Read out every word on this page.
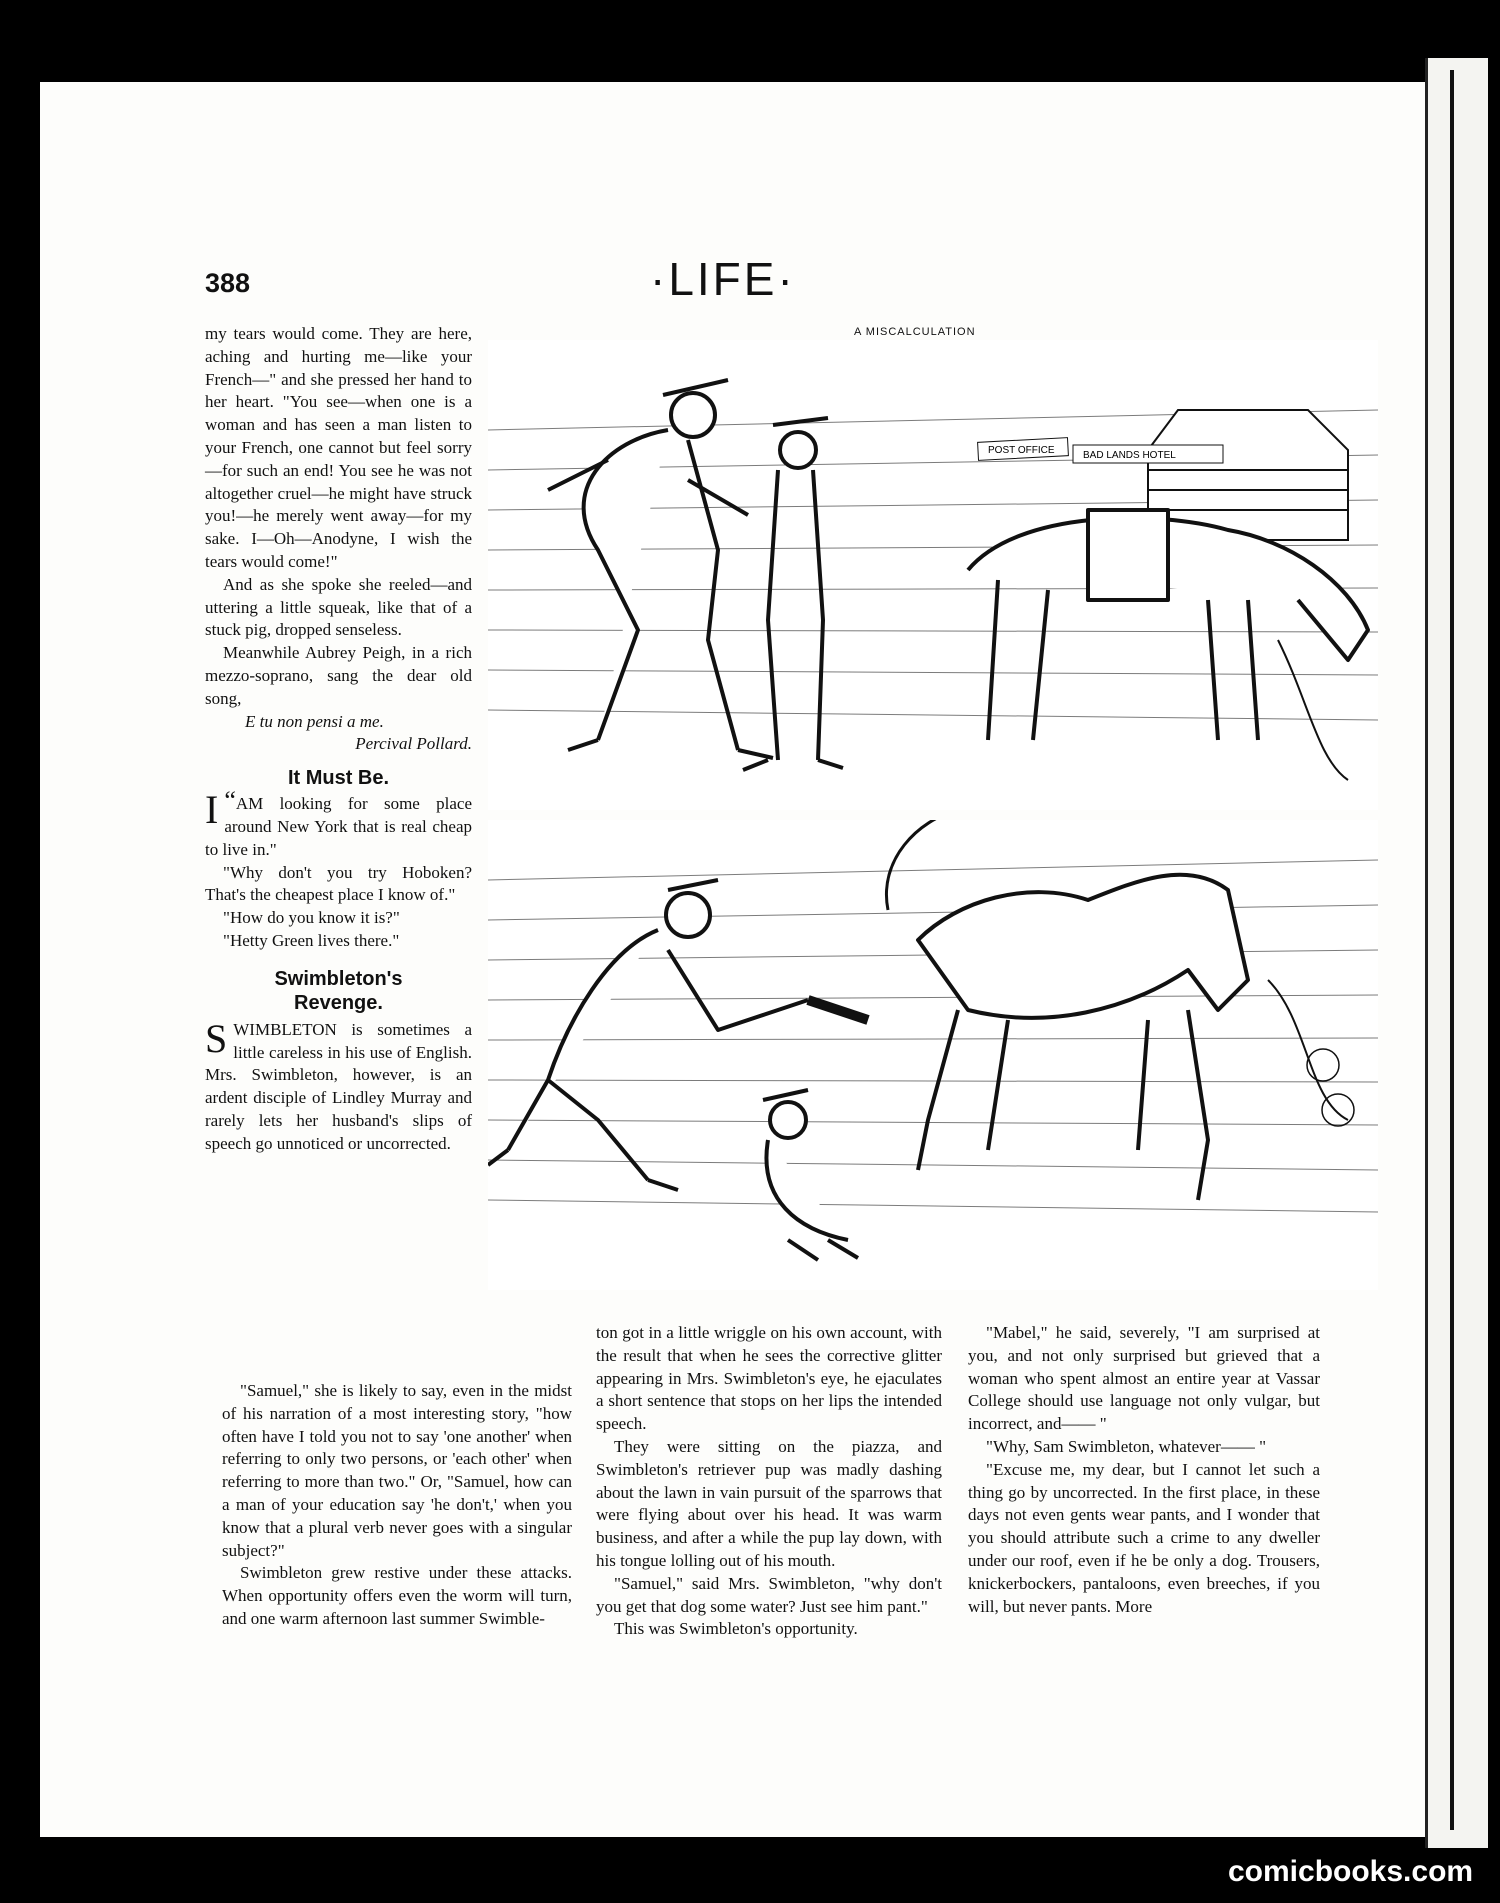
388	·LIFE·
A MISCALCULATION
POST OFFICE	BAD LANDS HOTEL

my tears would come. They are here, aching and hurting me—like your French—" and she pressed her hand to her heart. "You see—when one is a woman and has seen a man listen to your French, one cannot but feel sorry—for such an end! You see he was not altogether cruel—he might have struck you!—he merely went away—for my sake. I—Oh—Anodyne, I wish the tears would come!"

And as she spoke she reeled—and uttering a little squeak, like that of a stuck pig, dropped senseless.

Meanwhile Aubrey Peigh, in a rich mezzo-soprano, sang the dear old song,

E tu non pensi a me.

Percival Pollard.

It Must Be.

“
I AM looking for some place around New York that is real cheap to live in."

"Why don't you try Hoboken? That's the cheapest place I know of."

"How do you know it is?"

"Hetty Green lives there."

Swimbleton's
Revenge.

SWIMBLETON is sometimes a little careless in his use of English. Mrs. Swimbleton, however, is an ardent disciple of Lindley Murray and rarely lets her husband's slips of speech go unnoticed or uncorrected.

"Samuel," she is likely to say, even in the midst of his narration of a most interesting story, "how often have I told you not to say 'one another' when referring to only two persons, or 'each other' when referring to more than two." Or, "Samuel, how can a man of your education say 'he don't,' when you know that a plural verb never goes with a singular subject?"

Swimbleton grew restive under these attacks. When opportunity offers even the worm will turn, and one warm afternoon last summer Swimble-

ton got in a little wriggle on his own account, with the result that when he sees the corrective glitter appearing in Mrs. Swimbleton's eye, he ejaculates a short sentence that stops on her lips the intended speech.

They were sitting on the piazza, and Swimbleton's retriever pup was madly dashing about the lawn in vain pursuit of the sparrows that were flying about over his head. It was warm business, and after a while the pup lay down, with his tongue lolling out of his mouth.

"Samuel," said Mrs. Swimbleton, "why don't you get that dog some water? Just see him pant."

This was Swimbleton's opportunity.

"Mabel," he said, severely, "I am surprised at you, and not only surprised but grieved that a woman who spent almost an entire year at Vassar College should use language not only vulgar, but incorrect, and—— "

"Why, Sam Swimbleton, whatever—— "

"Excuse me, my dear, but I cannot let such a thing go by uncorrected. In the first place, in these days not even gents wear pants, and I wonder that you should attribute such a crime to any dweller under our roof, even if he be only a dog. Trousers, knickerbockers, pantaloons, even breeches, if you will, but never pants. More

comicbooks.com
